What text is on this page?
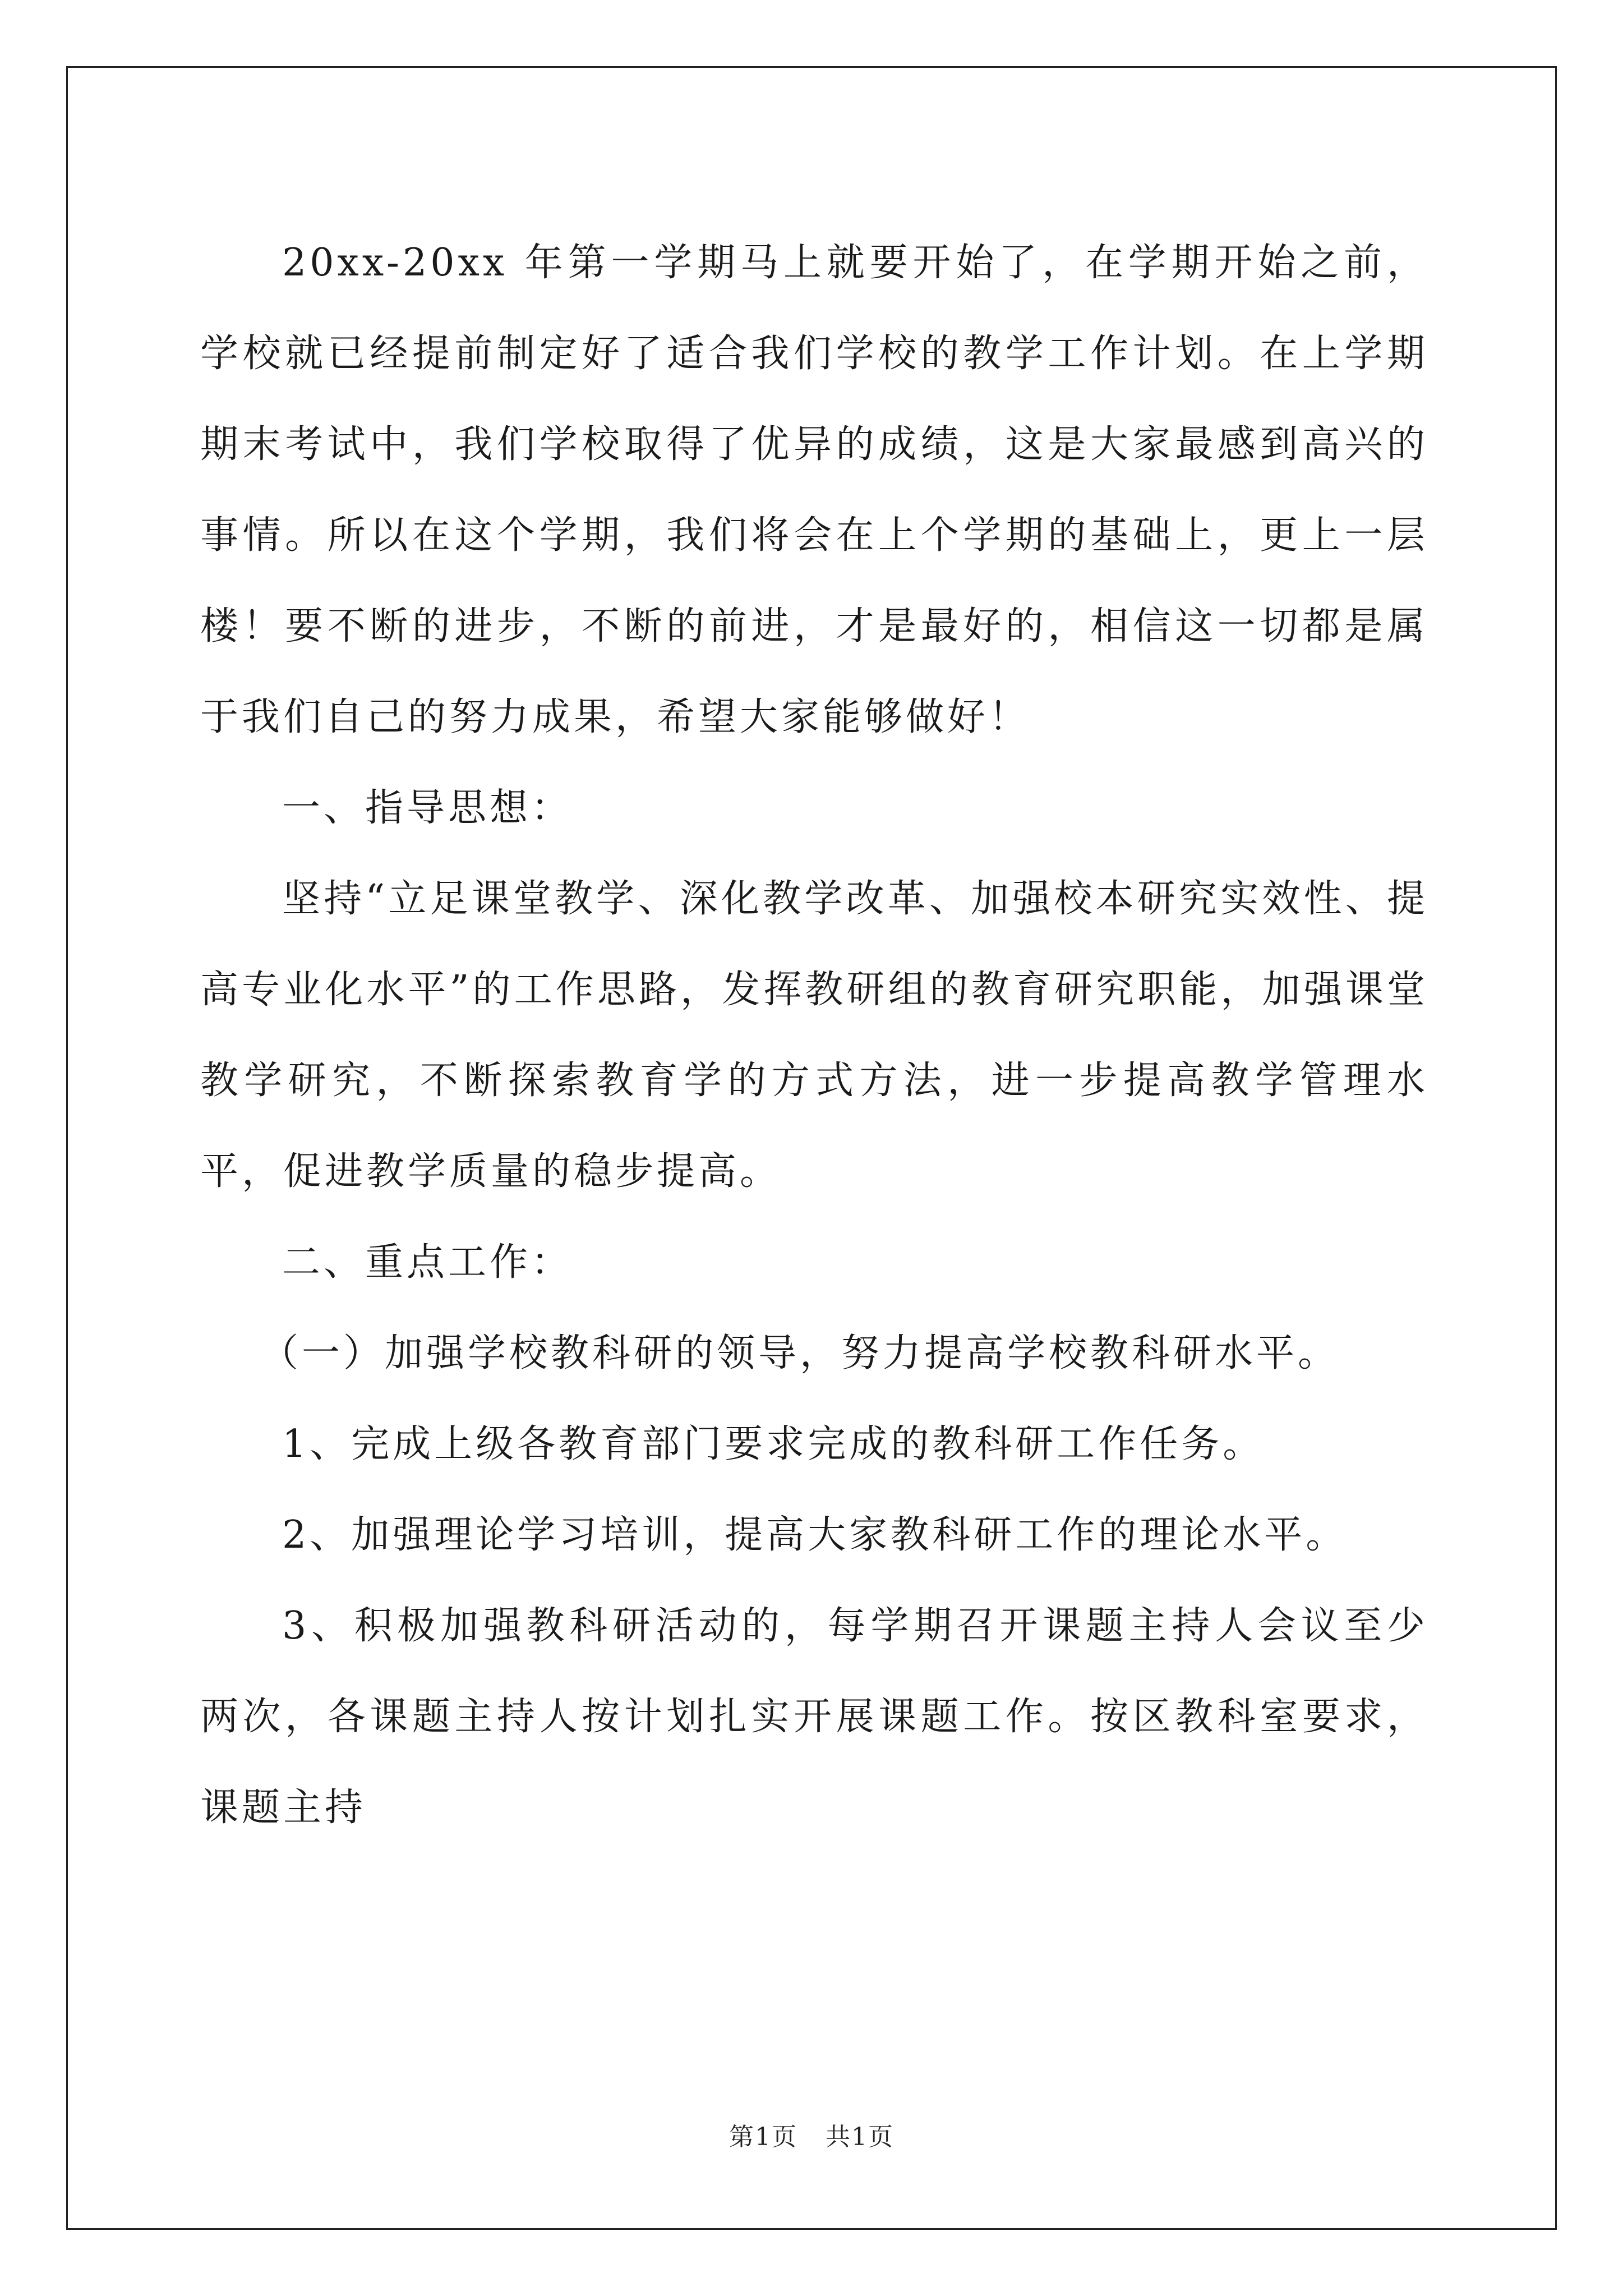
20xx-20xx 年第一学期马上就要开始了，在学期开始之前，学校就已经提前制定好了适合我们学校的教学工作计划。在上学期期末考试中，我们学校取得了优异的成绩，这是大家最感到高兴的事情。所以在这个学期，我们将会在上个学期的基础上，更上一层楼！要不断的进步，不断的前进，才是最好的，相信这一切都是属于我们自己的努力成果，希望大家能够做好！

一、指导思想：

坚持“立足课堂教学、深化教学改革、加强校本研究实效性、提高专业化水平”的工作思路，发挥教研组的教育研究职能，加强课堂教学研究，不断探索教育学的方式方法，进一步提高教学管理水平，促进教学质量的稳步提高。

二、重点工作：

（一）加强学校教科研的领导，努力提高学校教科研水平。

1、完成上级各教育部门要求完成的教科研工作任务。

2、加强理论学习培训，提高大家教科研工作的理论水平。

3、积极加强教科研活动的，每学期召开课题主持人会议至少两次，各课题主持人按计划扎实开展课题工作。按区教科室要求，课题主持

第1页 共1页
